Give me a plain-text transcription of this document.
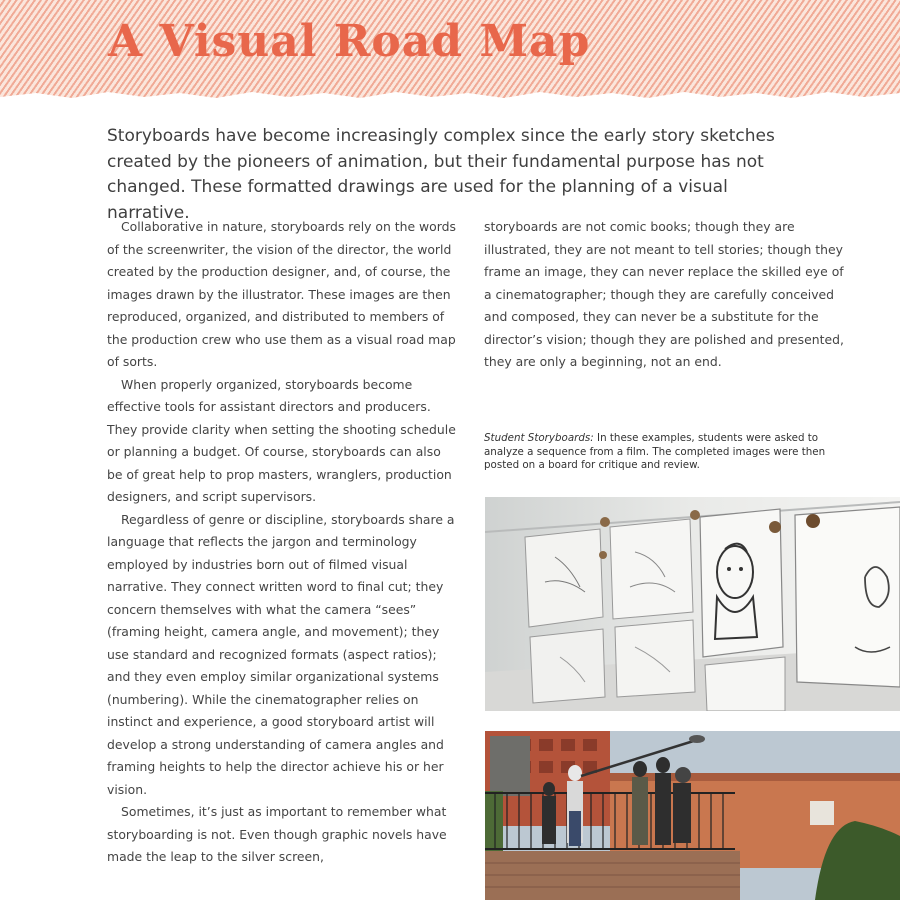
A Visual Road Map

Storyboards have become increasingly complex since the early story sketches created by the pioneers of animation, but their fundamental purpose has not changed. These formatted drawings are used for the planning of a visual narrative.

Collaborative in nature, storyboards rely on the words of the screenwriter, the vision of the director, the world created by the production designer, and, of course, the images drawn by the illustrator. These images are then reproduced, organized, and distributed to members of the production crew who use them as a visual road map of sorts.

When properly organized, storyboards become effective tools for assistant directors and producers. They provide clarity when setting the shooting schedule or planning a budget. Of course, storyboards can also be of great help to prop masters, wranglers, production designers, and script supervisors.

Regardless of genre or discipline, storyboards share a language that reflects the jargon and terminology employed by industries born out of filmed visual narrative. They connect written word to final cut; they concern themselves with what the camera “sees” (framing height, camera angle, and movement); they use standard and recognized formats (aspect ratios); and they even employ similar organizational systems (numbering). While the cinematographer relies on instinct and experience, a good storyboard artist will develop a strong understanding of camera angles and framing heights to help the director achieve his or her vision.

Sometimes, it’s just as important to remember what storyboarding is not. Even though graphic novels have made the leap to the silver screen,

storyboards are not comic books; though they are illustrated, they are not meant to tell stories; though they frame an image, they can never replace the skilled eye of a cinematographer; though they are carefully conceived and composed, they can never be a substitute for the director’s vision; though they are polished and presented, they are only a beginning, not an end.

Student Storyboards: In these examples, students were asked to analyze a sequence from a film. The completed images were then posted on a board for critique and review.
